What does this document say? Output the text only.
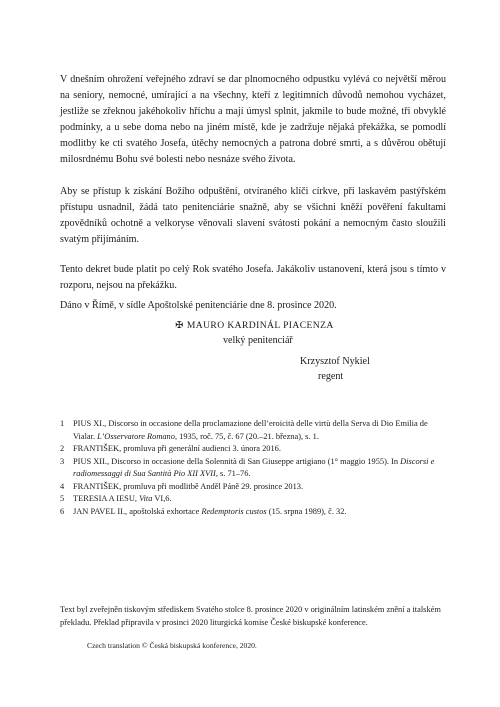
V dnešním ohrožení veřejného zdraví se dar plnomocného odpustku vylévá co největší měrou na seniory, nemocné, umírající a na všechny, kteří z legitimních důvodů nemohou vycházet, jestliže se zřeknou jakéhokoliv hříchu a mají úmysl splnit, jakmile to bude možné, tři obvyklé podmínky, a u sebe doma nebo na jiném místě, kde je zadržuje nějaká překážka, se pomodlí modlitby ke cti svatého Josefa, útěchy nemocných a patrona dobré smrti, a s důvěrou obětují milosrdnému Bohu své bolesti nebo nesnáze svého života.

Aby se přístup k získání Božího odpuštění, otvíraného klíči církve, při laskavém pastýřském přístupu usnadnil, žádá tato penitenciárie snažně, aby se všichni kněží pověření fakultami zpovědníků ochotně a velkoryse věnovali slavení svátosti pokání a nemocným často sloužili svatým přijímáním.

Tento dekret bude platit po celý Rok svatého Josefa. Jakákoliv ustanovení, která jsou s tímto v rozporu, nejsou na překážku.

Dáno v Římě, v sídle Apoštolské penitenciárie dne 8. prosince 2020.

✠ MAURO KARDINÁL PIACENZA

velký penitenciář

Krzysztof Nykiel

regent

1 PIUS XI., Discorso in occasione della proclamazione dell’eroicità delle virtù della Serva di Dio Emilia de Vialar. L’Osservatore Romano, 1935, roč. 75, č. 67 (20.–21. března), s. 1.
2 FRANTIŠEK, promluva při generální audienci 3. února 2016.
3 PIUS XII., Discorso in occasione della Solennità di San Giuseppe artigiano (1° maggio 1955). In Discorsi e radiomessaggi di Sua Santità Pio XII XVII, s. 71–76.
4 FRANTIŠEK, promluva při modlitbě Anděl Páně 29. prosince 2013.
5 TERESIA A IESU, Vita VI,6.
6 JAN PAVEL II., apoštolská exhortace Redemptoris custos (15. srpna 1989), č. 32.

Text byl zveřejněn tiskovým střediskem Svatého stolce 8. prosince 2020 v originálním latinském znění a italském překladu. Překlad připravila v prosinci 2020 liturgická komise České biskupské konference.

Czech translation © Česká biskupská konference, 2020.
